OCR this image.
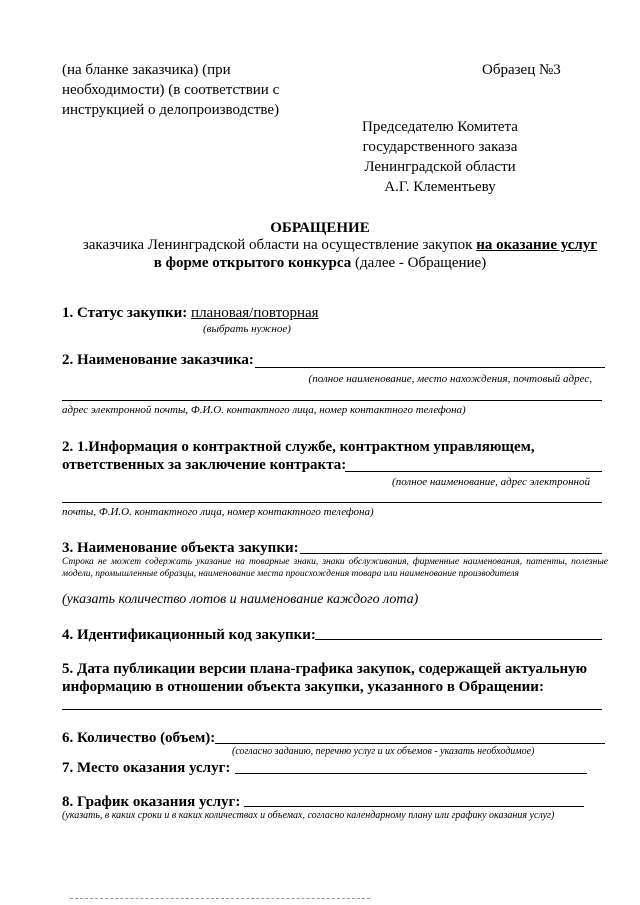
(на бланке заказчика) (при
необходимости) (в соответствии с
инструкцией о делопроизводстве)
Образец №3
Председателю Комитета
государственного заказа
Ленинградской области
А.Г. Клементьеву
ОБРАЩЕНИЕ
заказчика Ленинградской области на осуществление закупок на оказание услуг
в форме открытого конкурса (далее - Обращение)
1. Статус закупки: плановая/повторная
(выбрать нужное)
2. Наименование заказчика:
(полное наименование, место нахождения, почтовый адрес,
адрес электронной почты, Ф.И.О. контактного лица, номер контактного телефона)
2. 1.Информация о контрактной службе, контрактном управляющем,
ответственных за заключение контракта:
(полное наименование, адрес электронной
почты, Ф.И.О. контактного лица, номер контактного телефона)
3. Наименование объекта закупки:
Строка не может содержать указание на товарные знаки, знаки обслуживания, фирменные наименования, патенты, полезные модели, промышленные образцы, наименование места происхождения товара или наименование производителя
(указать количество лотов и наименование каждого лота)
4. Идентификационный код закупки:
5. Дата публикации версии плана-графика закупок, содержащей актуальную
информацию в отношении объекта закупки, указанного в Обращении:
6. Количество (объем):
(согласно заданию, перечню услуг и их объемов - указать необходимое)
7. Место оказания услуг:
8. График оказания услуг:
(указать, в каких сроки и в каких количествах и объемах, согласно календарному плану или графику оказания услуг)
